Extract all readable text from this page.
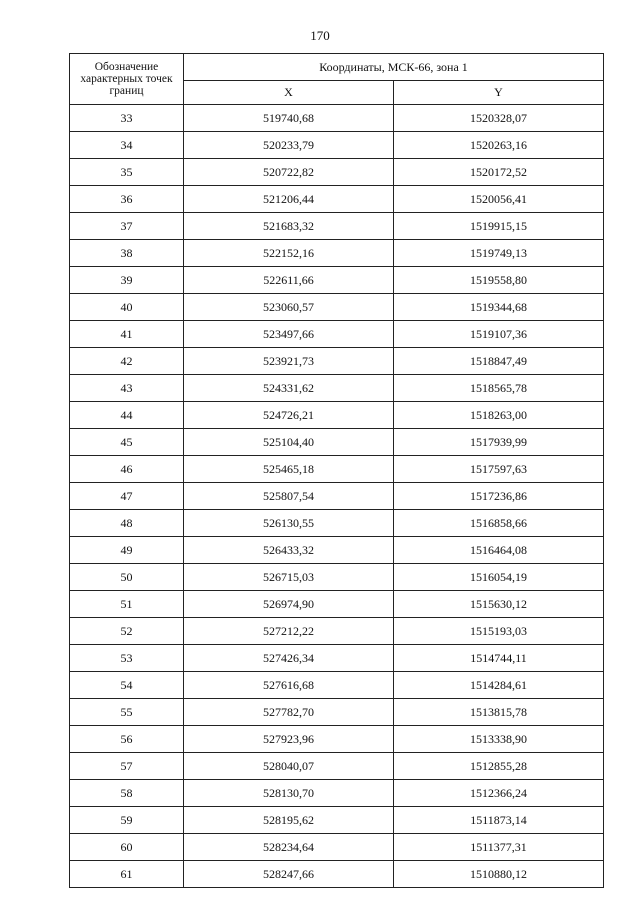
170
Обозначение характерных точек границ	Координаты, МСК-66, зона 1	
	X	Y
33	519740,68	1520328,07
34	520233,79	1520263,16
35	520722,82	1520172,52
36	521206,44	1520056,41
37	521683,32	1519915,15
38	522152,16	1519749,13
39	522611,66	1519558,80
40	523060,57	1519344,68
41	523497,66	1519107,36
42	523921,73	1518847,49
43	524331,62	1518565,78
44	524726,21	1518263,00
45	525104,40	1517939,99
46	525465,18	1517597,63
47	525807,54	1517236,86
48	526130,55	1516858,66
49	526433,32	1516464,08
50	526715,03	1516054,19
51	526974,90	1515630,12
52	527212,22	1515193,03
53	527426,34	1514744,11
54	527616,68	1514284,61
55	527782,70	1513815,78
56	527923,96	1513338,90
57	528040,07	1512855,28
58	528130,70	1512366,24
59	528195,62	1511873,14
60	528234,64	1511377,31
61	528247,66	1510880,12
